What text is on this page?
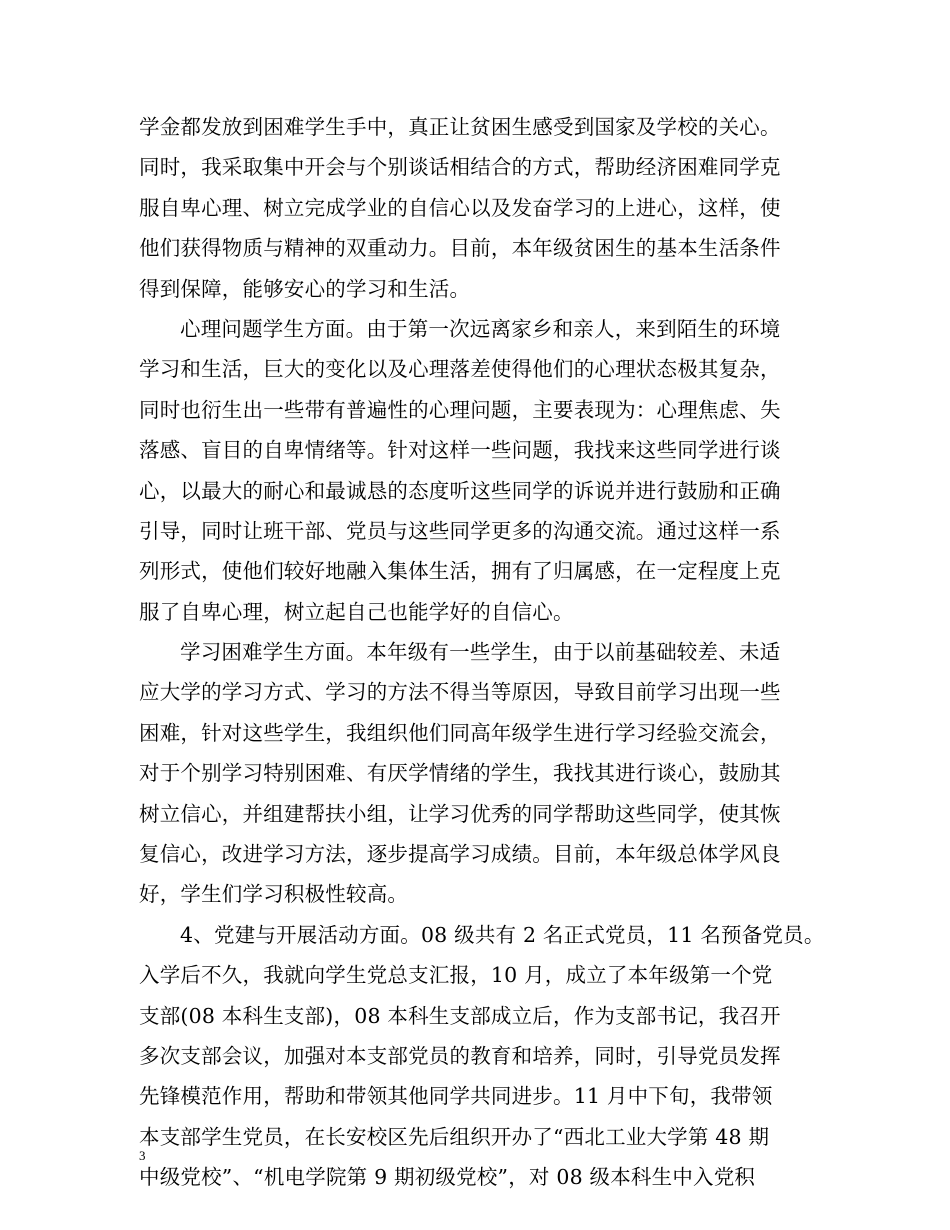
学金都发放到困难学生手中，真正让贫困生感受到国家及学校的关心。
同时，我采取集中开会与个别谈话相结合的方式，帮助经济困难同学克
服自卑心理、树立完成学业的自信心以及发奋学习的上进心，这样，使
他们获得物质与精神的双重动力。目前，本年级贫困生的基本生活条件
得到保障，能够安心的学习和生活。
心理问题学生方面。由于第一次远离家乡和亲人，来到陌生的环境
学习和生活，巨大的变化以及心理落差使得他们的心理状态极其复杂，
同时也衍生出一些带有普遍性的心理问题，主要表现为：心理焦虑、失
落感、盲目的自卑情绪等。针对这样一些问题，我找来这些同学进行谈
心，以最大的耐心和最诚恳的态度听这些同学的诉说并进行鼓励和正确
引导，同时让班干部、党员与这些同学更多的沟通交流。通过这样一系
列形式，使他们较好地融入集体生活，拥有了归属感，在一定程度上克
服了自卑心理，树立起自己也能学好的自信心。
学习困难学生方面。本年级有一些学生，由于以前基础较差、未适
应大学的学习方式、学习的方法不得当等原因，导致目前学习出现一些
困难，针对这些学生，我组织他们同高年级学生进行学习经验交流会，
对于个别学习特别困难、有厌学情绪的学生，我找其进行谈心，鼓励其
树立信心，并组建帮扶小组，让学习优秀的同学帮助这些同学，使其恢
复信心，改进学习方法，逐步提高学习成绩。目前，本年级总体学风良
好，学生们学习积极性较高。
4、党建与开展活动方面。08 级共有 2 名正式党员，11 名预备党员。
入学后不久，我就向学生党总支汇报，10 月，成立了本年级第一个党
支部(08 本科生支部)，08 本科生支部成立后，作为支部书记，我召开
多次支部会议，加强对本支部党员的教育和培养，同时，引导党员发挥
先锋模范作用，帮助和带领其他同学共同进步。11 月中下旬，我带领
本支部学生党员，在长安校区先后组织开办了“西北工业大学第 48 期
中级党校”、“机电学院第 9 期初级党校”，对 08 级本科生中入党积
3
